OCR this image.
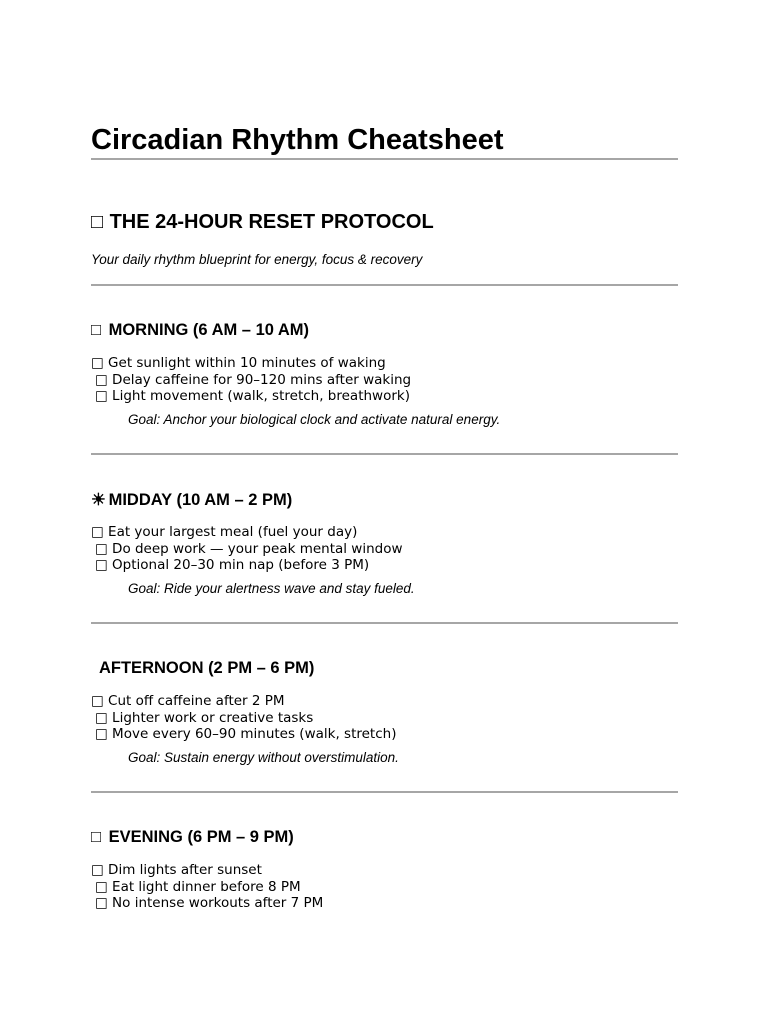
Circadian Rhythm Cheatsheet
□ THE 24-HOUR RESET PROTOCOL
Your daily rhythm blueprint for energy, focus & recovery
□ MORNING (6 AM – 10 AM)
□ Get sunlight within 10 minutes of waking
□ Delay caffeine for 90–120 mins after waking
□ Light movement (walk, stretch, breathwork)
Goal: Anchor your biological clock and activate natural energy.
☀ MIDDAY (10 AM – 2 PM)
□ Eat your largest meal (fuel your day)
□ Do deep work — your peak mental window
□ Optional 20–30 min nap (before 3 PM)
Goal: Ride your alertness wave and stay fueled.
AFTERNOON (2 PM – 6 PM)
□ Cut off caffeine after 2 PM
□ Lighter work or creative tasks
□ Move every 60–90 minutes (walk, stretch)
Goal: Sustain energy without overstimulation.
□ EVENING (6 PM – 9 PM)
□ Dim lights after sunset
□ Eat light dinner before 8 PM
□ No intense workouts after 7 PM
